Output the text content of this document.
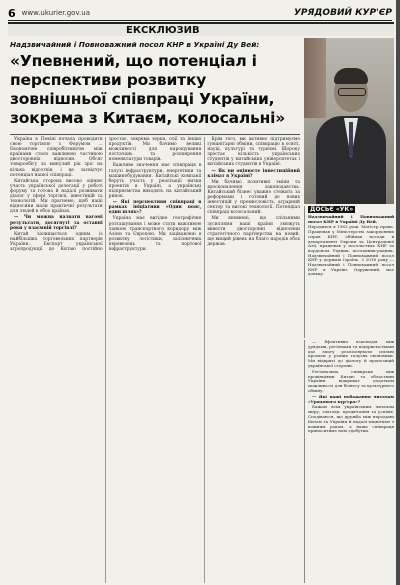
6 www.ukurier.gov.ua	УРЯДОВИЙ КУР'ЄР
ЕКСКЛЮЗИВ
Надзвичайний і Повноважний посол КНР в Україні Ду Вей:
«Упевнений, що потенціал і перспективи розвитку зовнішньої співпраці України, зокрема з Китаєм, колосальні»

Україна в Пекіні почала проводити свою торгівлю з Форумом ... Економічне співробітництво між країнами стало важливою частиною двосторонніх відносин. Обсяг товарообігу за минулий рік зріс на кілька відсотків, і це засвідчує потенціал нашої співпраці.

Китайська сторона високо оцінює участь української делегації у роботі форуму та готова й надалі розвивати діалог у сфері торгівлі, інвестицій та технологій. Ми прагнемо, щоб наші відносини мали практичні результати для людей в обох країнах.

— Чи можна назвати вагомі результати, досягнуті за останні роки у взаємній торгівлі?

Китай залишається одним із найбільших торговельних партнерів України. Експорт української агропродукції до Китаю постійно зростає, зокрема зерна, олії та інших продуктів. Ми бачимо великі можливості для нарощування постачань та розширення номенклатури товарів.

Важливе значення має співпраця в галузі інфраструктури, енергетики та машинобудування. Китайські компанії беруть участь у реалізації низки проектів в Україні, а українські підприємства виходять на китайський ринок.

— Які перспективи співпраці в рамках ініціативи «Один пояс, один шлях»?

Україна має вигідне географічне розташування і може стати важливою ланкою транспортного коридору між Азією та Європою. Ми зацікавлені в розвитку логістики, залізничних перевезень та портової інфраструктури.

Крім того, ми активно підтримуємо гуманітарні обміни, співпрацю в освіті, науці, культурі та туризмі. Щороку зростає кількість українських студентів у китайських університетах і китайських студентів в Україні.

— Як ви оцінюєте інвестиційний клімат в Україні?

Ми бачимо позитивні зміни та вдосконалення законодавства. Китайський бізнес уважно стежить за реформами і готовий до нових інвестицій у промисловість, аграрний сектор та високі технології. Потенціал співпраці колосальний.

Ми впевнені, що спільними зусиллями наші країни зможуть вивести двосторонні відносини стратегічного партнерства на новий, ще вищий рівень на благо народів обох держав.

ДОСЬЄ «УК»

Надзвичайний і Повноважний посол КНР в Україні Ду Вей.

Народився в 1963 році. Магістр права. Працював у Міністерстві закордонних справ КНР, обіймав посади в департаменті Європи та Центральної Азії, працював у посольствах КНР за кордоном. Радник, посланник-радник. Надзвичайний і Повноважний посол КНР у державі Ізраїль. З 2016 року — Надзвичайний і Повноважний посол КНР в Україні. Одружений, має доньку.

— Ефективна взаємодія між урядами, регіонами та підприємствами дає змогу реалізовувати спільні проекти у різних галузях економіки. Ми відкриті до діалогу й пропозицій української сторони.

Регіональна співпраця між провінціями Китаю та областями України відкриває додаткові можливості для бізнесу та культурного обміну.

— Які ваші побажання читачам «Урядового кур'єра»?

Бажаю всім українським читачам миру, злагоди, процвітання та успіхів. Сподіваюся, що дружба між народами Китаю та України й надалі міцнітиме з кожним роком, а наша співпраця приноситиме нові здобутки.
